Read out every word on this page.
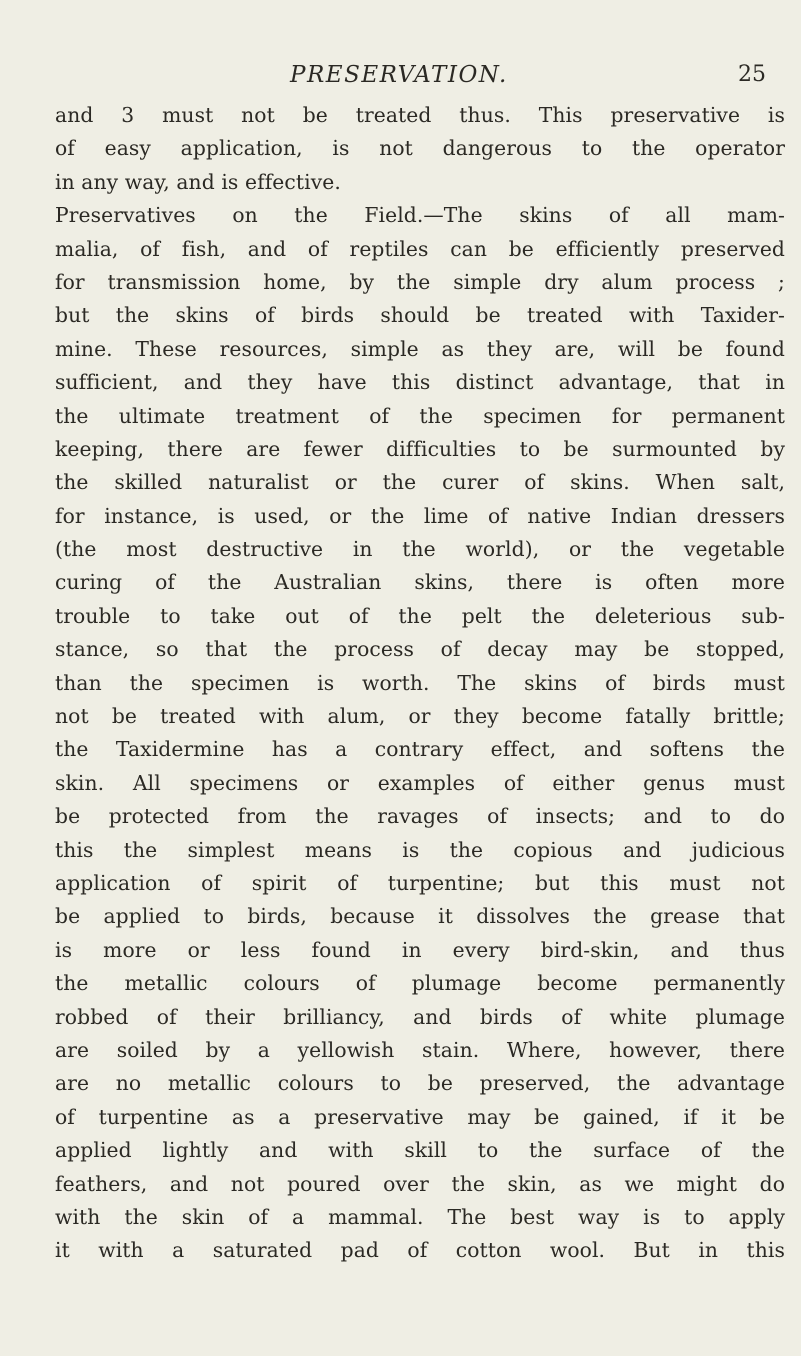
PRESERVATION.	25
and 3 must not be treated thus. This preservative is
of easy application, is not dangerous to the operator
in any way, and is effective.
Preservatives on the Field.—The skins of all mam-
malia, of fish, and of reptiles can be efficiently preserved
for transmission home, by the simple dry alum process ;
but the skins of birds should be treated with Taxider-
mine. These resources, simple as they are, will be found
sufficient, and they have this distinct advantage, that in
the ultimate treatment of the specimen for permanent
keeping, there are fewer difficulties to be surmounted by
the skilled naturalist or the curer of skins. When salt,
for instance, is used, or the lime of native Indian dressers
(the most destructive in the world), or the vegetable
curing of the Australian skins, there is often more
trouble to take out of the pelt the deleterious sub-
stance, so that the process of decay may be stopped,
than the specimen is worth. The skins of birds must
not be treated with alum, or they become fatally brittle;
the Taxidermine has a contrary effect, and softens the
skin. All specimens or examples of either genus must
be protected from the ravages of insects; and to do
this the simplest means is the copious and judicious
application of spirit of turpentine; but this must not
be applied to birds, because it dissolves the grease that
is more or less found in every bird-skin, and thus
the metallic colours of plumage become permanently
robbed of their brilliancy, and birds of white plumage
are soiled by a yellowish stain. Where, however, there
are no metallic colours to be preserved, the advantage
of turpentine as a preservative may be gained, if it be
applied lightly and with skill to the surface of the
feathers, and not poured over the skin, as we might do
with the skin of a mammal. The best way is to apply
it with a saturated pad of cotton wool. But in this
